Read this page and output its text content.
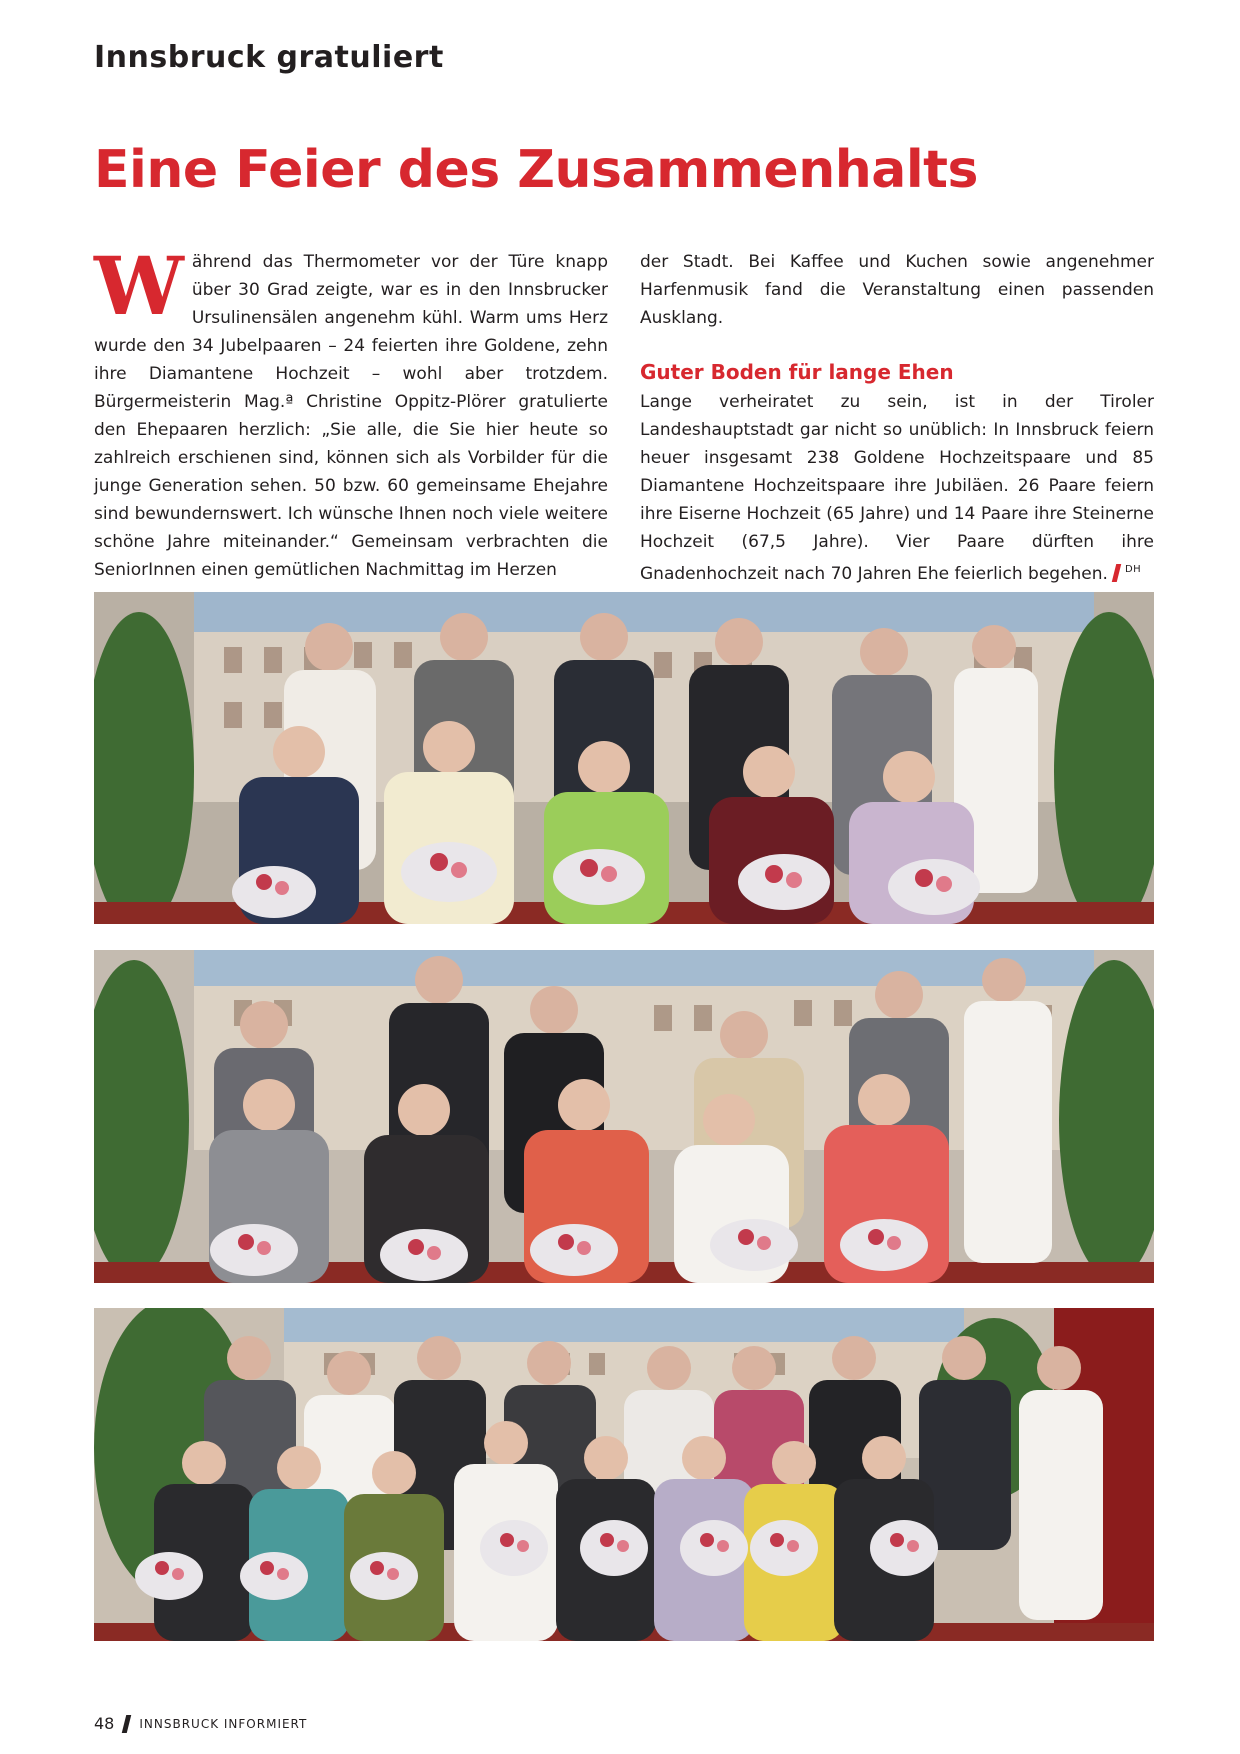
Innsbruck gratuliert
Eine Feier des Zusammenhalts

Während das Thermometer vor der Türe knapp über 30 Grad zeigte, war es in den Innsbrucker Ursulinensälen angenehm kühl. Warm ums Herz wurde den 34 Jubelpaaren – 24 feierten ihre Goldene, zehn ihre Diamantene Hochzeit – wohl aber trotzdem. Bürgermeisterin Mag.ª Christine Oppitz-Plörer gratulierte den Ehepaaren herzlich: „Sie alle, die Sie hier heute so zahlreich erschienen sind, können sich als Vorbilder für die junge Generation sehen. 50 bzw. 60 gemeinsame Ehejahre sind bewundernswert. Ich wünsche Ihnen noch viele weitere schöne Jahre miteinander.“ Gemeinsam verbrachten die SeniorInnen einen gemütlichen Nachmittag im Herzen

der Stadt. Bei Kaffee und Kuchen sowie angenehmer Harfenmusik fand die Veranstaltung einen passenden Ausklang.

Guter Boden für lange Ehen

Lange verheiratet zu sein, ist in der Tiroler Landeshauptstadt gar nicht so unüblich: In Innsbruck feiern heuer insgesamt 238 Goldene Hochzeitspaare und 85 Diamantene Hochzeitspaare ihre Jubiläen. 26 Paare feiern ihre Eiserne Hochzeit (65 Jahre) und 14 Paare ihre Steinerne Hochzeit (67,5 Jahre). Vier Paare dürften ihre Gnadenhochzeit nach 70 Jahren Ehe feierlich begehen. $^{DH}$

48 INNSBRUCK INFORMIERT
